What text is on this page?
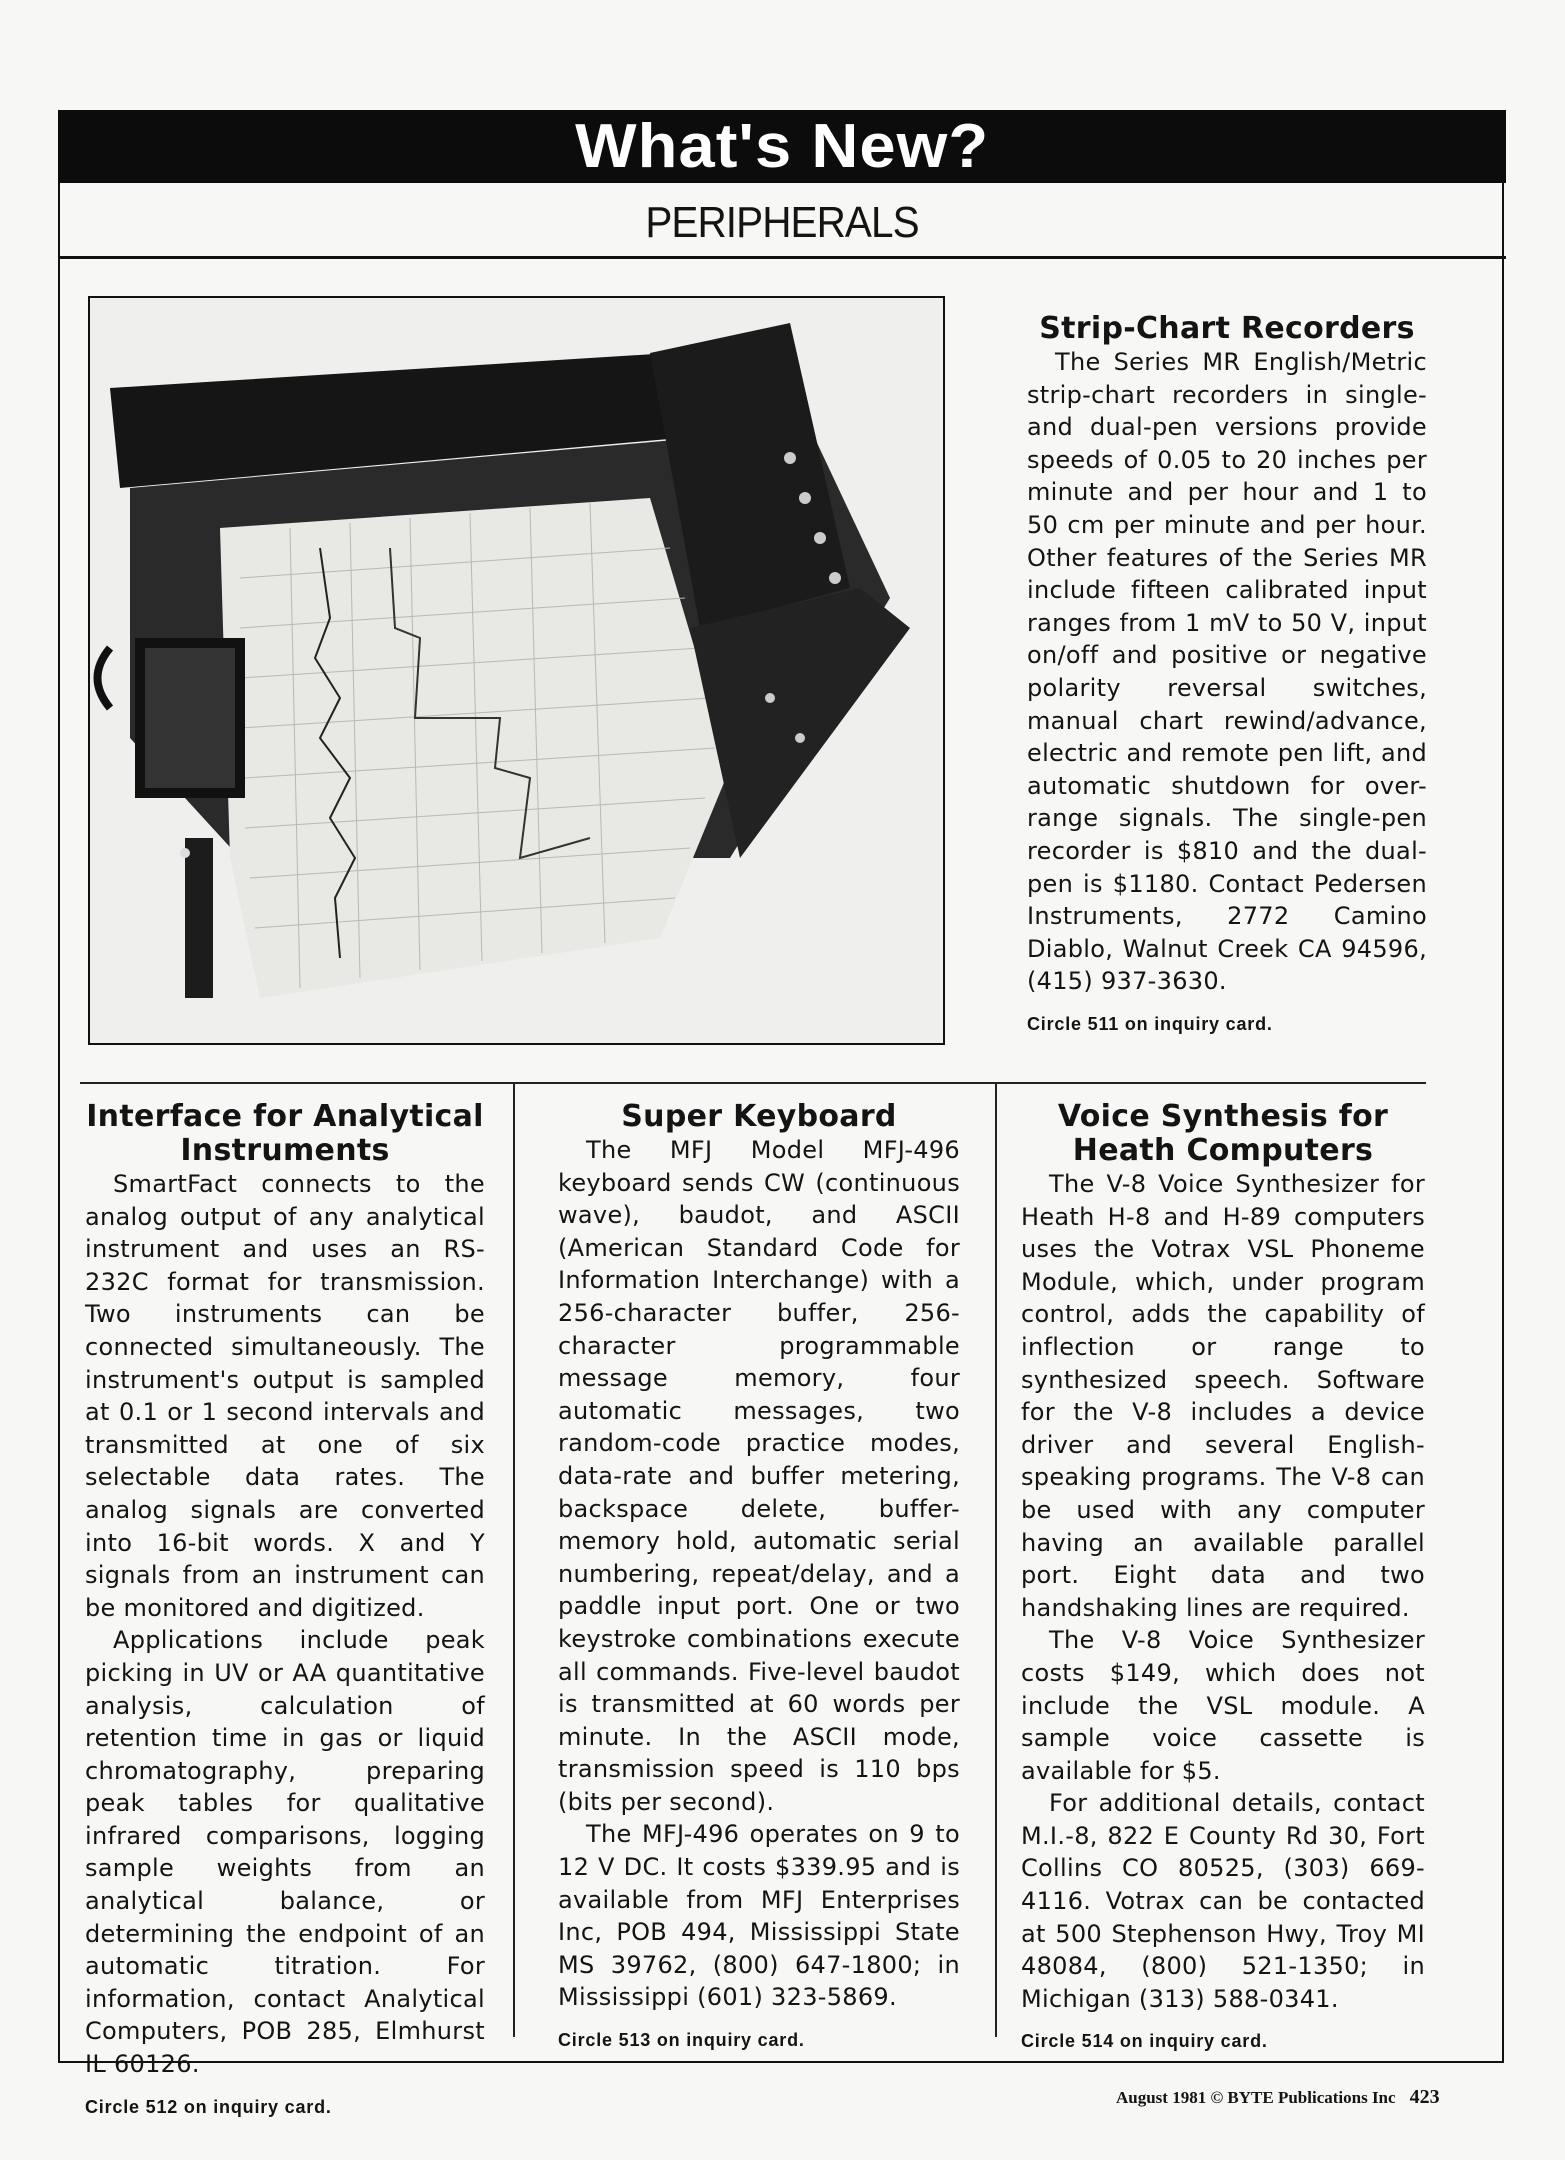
What's New?
PERIPHERALS
Strip-Chart Recorders

The Series MR English/Metric strip-chart recorders in single- and dual-pen versions provide speeds of 0.05 to 20 inches per minute and per hour and 1 to 50 cm per minute and per hour. Other features of the Series MR include fifteen calibrated input ranges from 1 mV to 50 V, input on/off and positive or negative polarity reversal switches, manual chart rewind/advance, electric and remote pen lift, and automatic shutdown for over-range signals. The single-pen recorder is $810 and the dual-pen is $1180. Contact Pedersen Instruments, 2772 Camino Diablo, Walnut Creek CA 94596, (415) 937-3630.

Circle 511 on inquiry card.
Interface for Analytical Instruments

SmartFact connects to the analog output of any analytical instrument and uses an RS-232C format for transmission. Two instruments can be connected simultaneously. The instrument's output is sampled at 0.1 or 1 second intervals and transmitted at one of six selectable data rates. The analog signals are converted into 16-bit words. X and Y signals from an instrument can be monitored and digitized.

Applications include peak picking in UV or AA quantitative analysis, calculation of retention time in gas or liquid chromatography, preparing peak tables for qualitative infrared comparisons, logging sample weights from an analytical balance, or determining the endpoint of an automatic titration. For information, contact Analytical Computers, POB 285, Elmhurst IL 60126.

Circle 512 on inquiry card.
Super Keyboard

The MFJ Model MFJ-496 keyboard sends CW (continuous wave), baudot, and ASCII (American Standard Code for Information Interchange) with a 256-character buffer, 256-character programmable message memory, four automatic messages, two random-code practice modes, data-rate and buffer metering, backspace delete, buffer-memory hold, automatic serial numbering, repeat/delay, and a paddle input port. One or two keystroke combinations execute all commands. Five-level baudot is transmitted at 60 words per minute. In the ASCII mode, transmission speed is 110 bps (bits per second).

The MFJ-496 operates on 9 to 12 V DC. It costs $339.95 and is available from MFJ Enterprises Inc, POB 494, Mississippi State MS 39762, (800) 647-1800; in Mississippi (601) 323-5869.

Circle 513 on inquiry card.
Voice Synthesis for Heath Computers

The V-8 Voice Synthesizer for Heath H-8 and H-89 computers uses the Votrax VSL Phoneme Module, which, under program control, adds the capability of inflection or range to synthesized speech. Software for the V-8 includes a device driver and several English-speaking programs. The V-8 can be used with any computer having an available parallel port. Eight data and two handshaking lines are required.

The V-8 Voice Synthesizer costs $149, which does not include the VSL module. A sample voice cassette is available for $5.

For additional details, contact M.I.-8, 822 E County Rd 30, Fort Collins CO 80525, (303) 669-4116. Votrax can be contacted at 500 Stephenson Hwy, Troy MI 48084, (800) 521-1350; in Michigan (313) 588-0341.

Circle 514 on inquiry card.
August 1981 © BYTE Publications Inc 423
